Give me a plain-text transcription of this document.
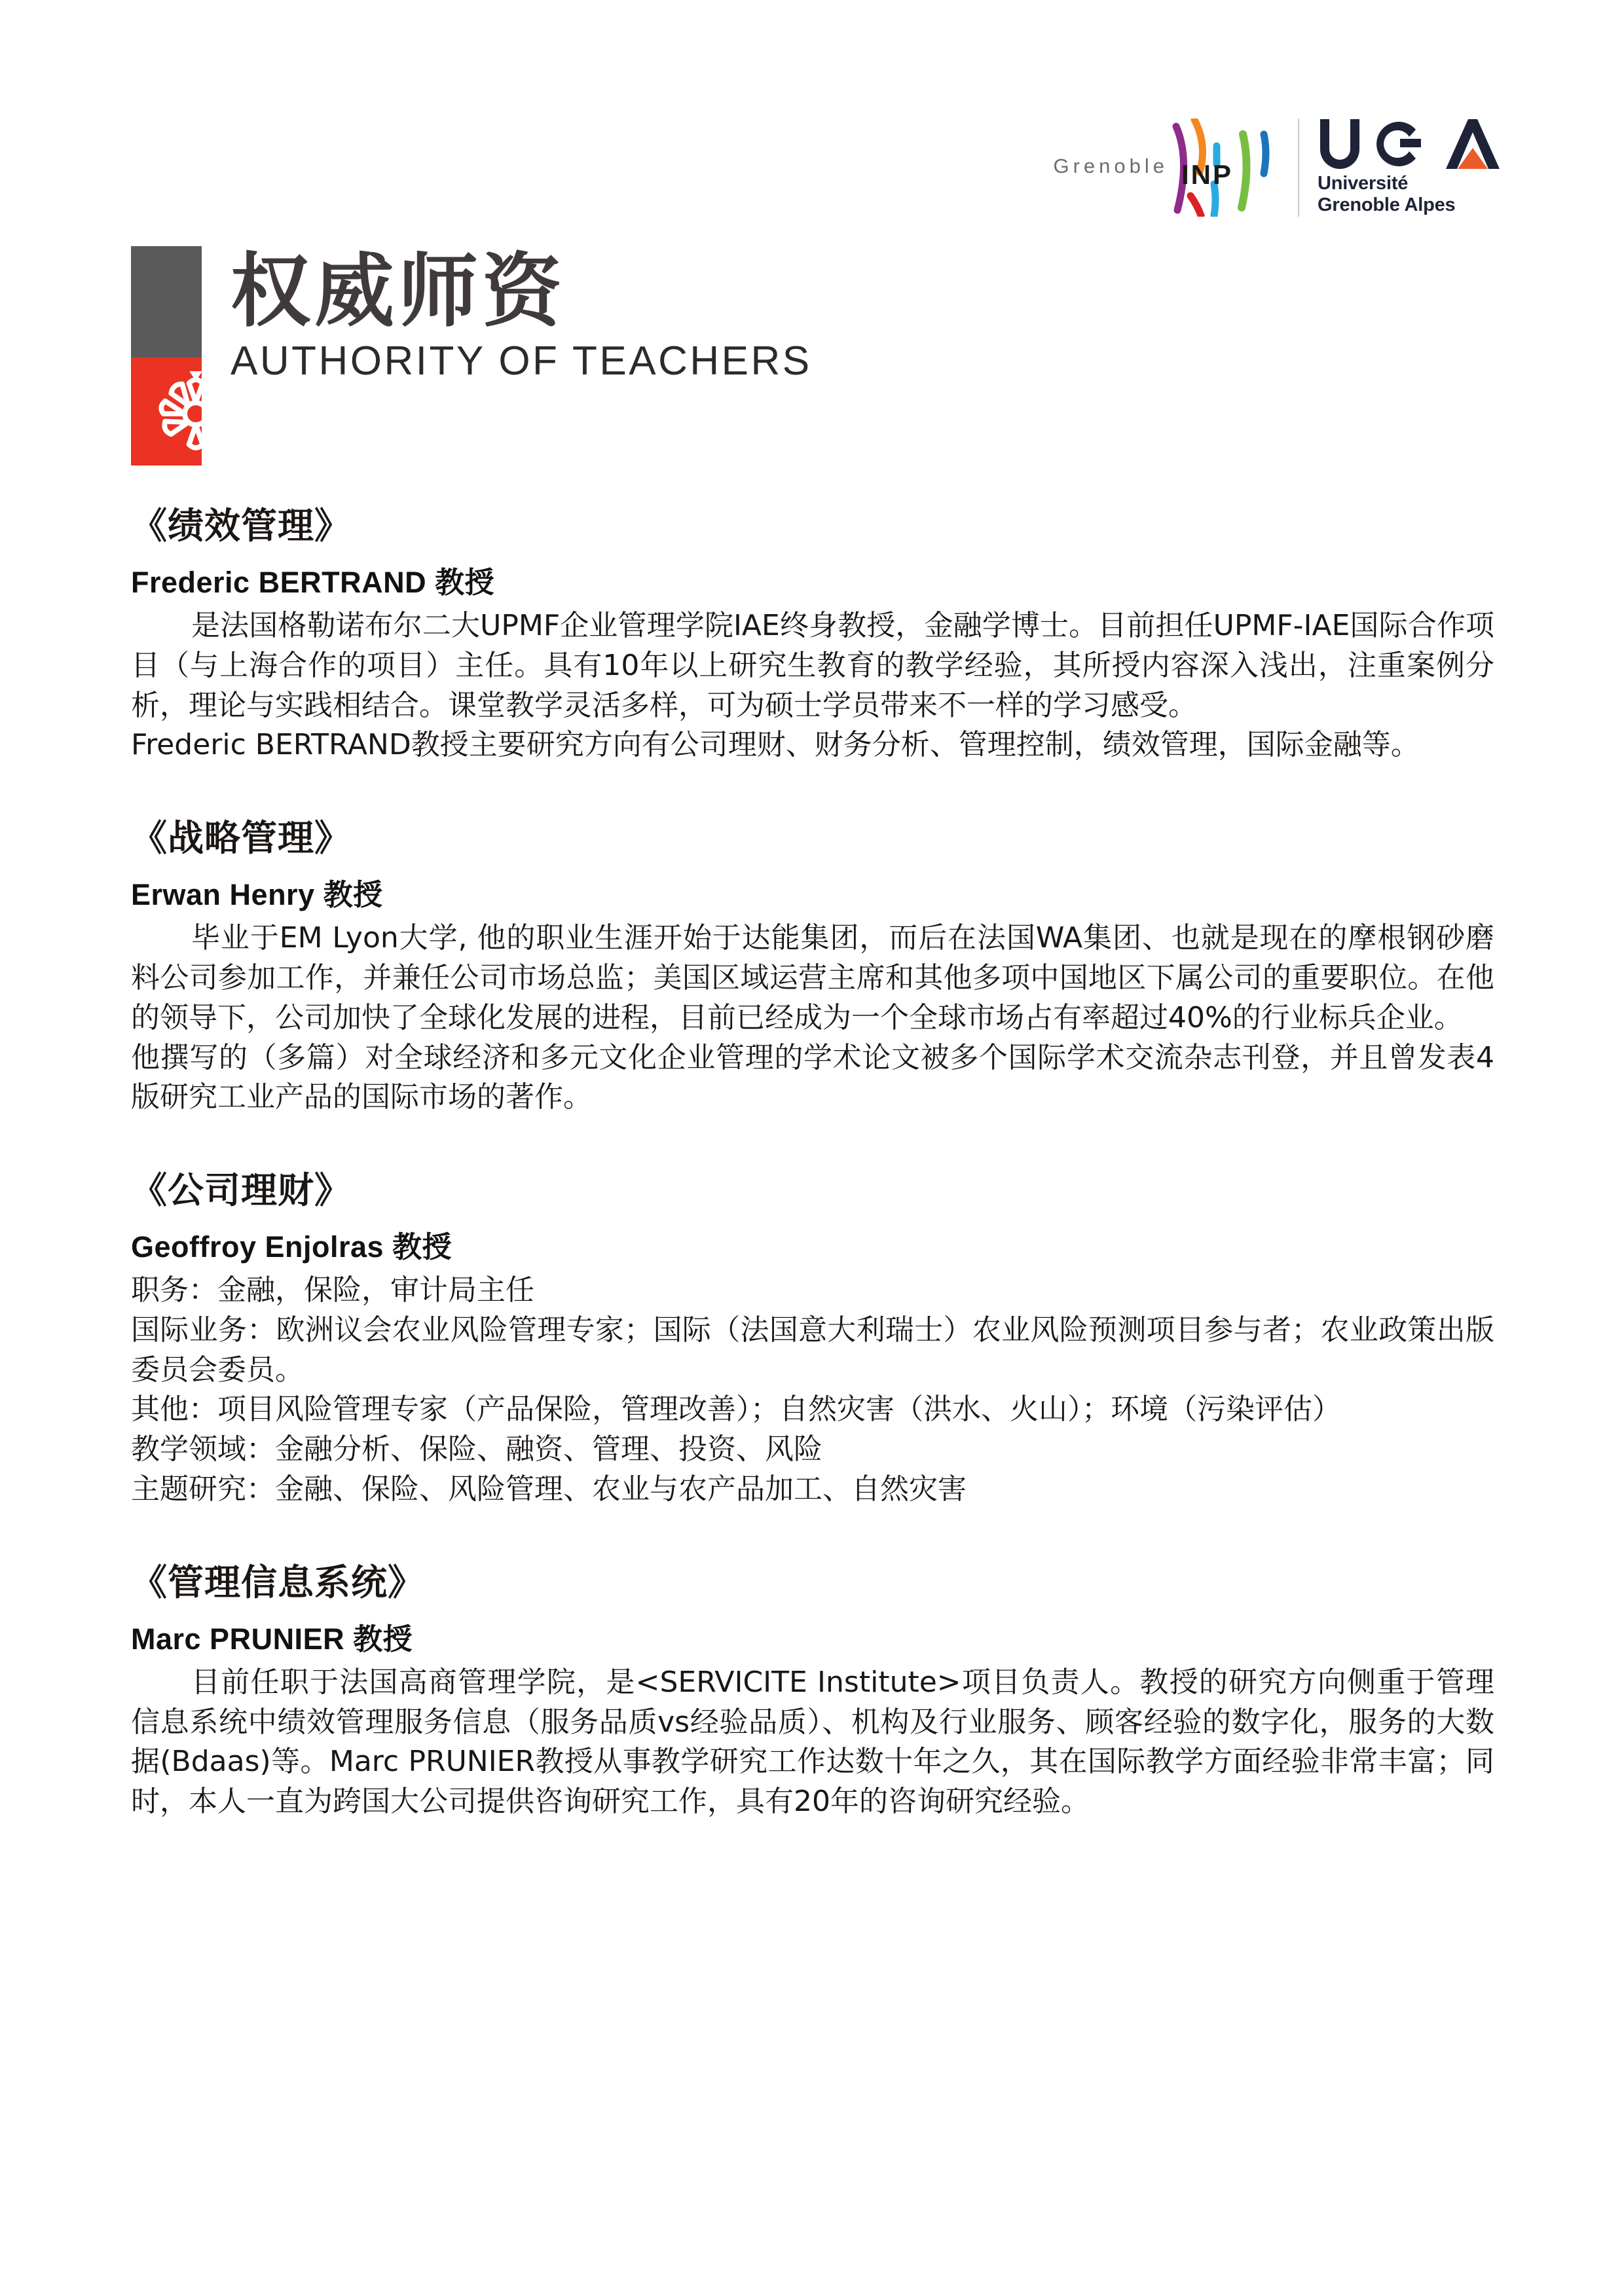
Grenoble INP	Université
Grenoble Alpes
权威师资
AUTHORITY OF TEACHERS
《绩效管理》

Frederic BERTRAND 教授

是法国格勒诺布尔二大UPMF企业管理学院IAE终身教授，金融学博士。目前担任UPMF-IAE国际合作项目（与上海合作的项目）主任。具有10年以上研究生教育的教学经验，其所授内容深入浅出，注重案例分析，理论与实践相结合。课堂教学灵活多样，可为硕士学员带来不一样的学习感受。

Frederic BERTRAND教授主要研究方向有公司理财、财务分析、管理控制，绩效管理，国际金融等。

《战略管理》

Erwan Henry 教授

毕业于EM Lyon大学, 他的职业生涯开始于达能集团，而后在法国WA集团、也就是现在的摩根钢砂磨料公司参加工作，并兼任公司市场总监；美国区域运营主席和其他多项中国地区下属公司的重要职位。在他的领导下，公司加快了全球化发展的进程，目前已经成为一个全球市场占有率超过40%的行业标兵企业。

他撰写的（多篇）对全球经济和多元文化企业管理的学术论文被多个国际学术交流杂志刊登，并且曾发表4版研究工业产品的国际市场的著作。

《公司理财》

Geoffroy Enjolras 教授

职务：金融，保险，审计局主任

国际业务：欧洲议会农业风险管理专家；国际（法国意大利瑞士）农业风险预测项目参与者；农业政策出版委员会委员。

其他：项目风险管理专家（产品保险，管理改善）；自然灾害（洪水、火山）；环境（污染评估）

教学领域：金融分析、保险、融资、管理、投资、风险

主题研究：金融、保险、风险管理、农业与农产品加工、自然灾害

《管理信息系统》

Marc PRUNIER 教授

目前任职于法国高商管理学院，是<SERVICITE Institute>项目负责人。教授的研究方向侧重于管理信息系统中绩效管理服务信息（服务品质vs经验品质）、机构及行业服务、顾客经验的数字化，服务的大数据(Bdaas)等。Marc PRUNIER教授从事教学研究工作达数十年之久，其在国际教学方面经验非常丰富；同时，本人一直为跨国大公司提供咨询研究工作，具有20年的咨询研究经验。
